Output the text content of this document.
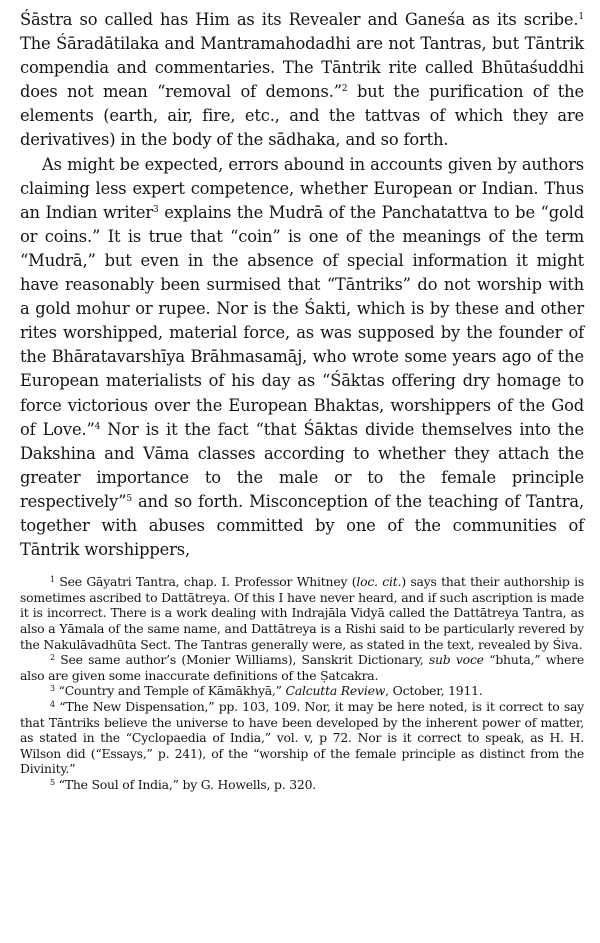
Śāstra so called has Him as its Revealer and Ganeśa as its scribe.$^1$ The Śāradātilaka and Mantramahodadhi are not Tantras, but Tāntrik compendia and commentaries. The Tāntrik rite called Bhūtaśuddhi does not mean “removal of demons.”$^2$ but the purification of the elements (earth, air, fire, etc., and the tattvas of which they are derivatives) in the body of the sādhaka, and so forth.

As might be expected, errors abound in accounts given by authors claiming less expert competence, whether European or Indian. Thus an Indian writer$^3$ explains the Mudrā of the Panchatattva to be “gold or coins.” It is true that “coin” is one of the meanings of the term “Mudrā,” but even in the absence of special information it might have reasonably been surmised that “Tāntriks” do not worship with a gold mohur or rupee. Nor is the Śakti, which is by these and other rites worshipped, material force, as was supposed by the founder of the Bhāratavarshīya Brāhmasamāj, who wrote some years ago of the European materialists of his day as “Śāktas offering dry homage to force victorious over the European Bhaktas, worshippers of the God of Love.”$^4$ Nor is it the fact “that Śāktas divide themselves into the Dakshina and Vāma classes according to whether they attach the greater importance to the male or to the female principle respectively”$^5$ and so forth. Misconception of the teaching of Tantra, together with abuses committed by one of the communities of Tāntrik worshippers,

$^1$ See Gāyatri Tantra, chap. I. Professor Whitney (loc. cit.) says that their authorship is sometimes ascribed to Dattātreya. Of this I have never heard, and if such ascription is made it is incorrect. There is a work dealing with Indrajāla Vidyā called the Dattātreya Tantra, as also a Yāmala of the same name, and Dattātreya is a Rishi said to be particularly revered by the Nakulāvadhūta Sect. The Tantras generally were, as stated in the text, revealed by Śiva.

$^2$ See same author’s (Monier Williams), Sanskrit Dictionary, sub voce “bhuta,” where also are given some inaccurate definitions of the Ṣatcakra.

$^3$ “Country and Temple of Kāmākhyā,” Calcutta Review, October, 1911.

$^4$ “The New Dispensation,” pp. 103, 109. Nor, it may be here noted, is it correct to say that Tāntriks believe the universe to have been developed by the inherent power of matter, as stated in the “Cyclopaedia of India,” vol. v, p 72. Nor is it correct to speak, as H. H. Wilson did (“Essays,” p. 241), of the “worship of the female principle as distinct from the Divinity.”

$^5$ “The Soul of India,” by G. Howells, p. 320.
